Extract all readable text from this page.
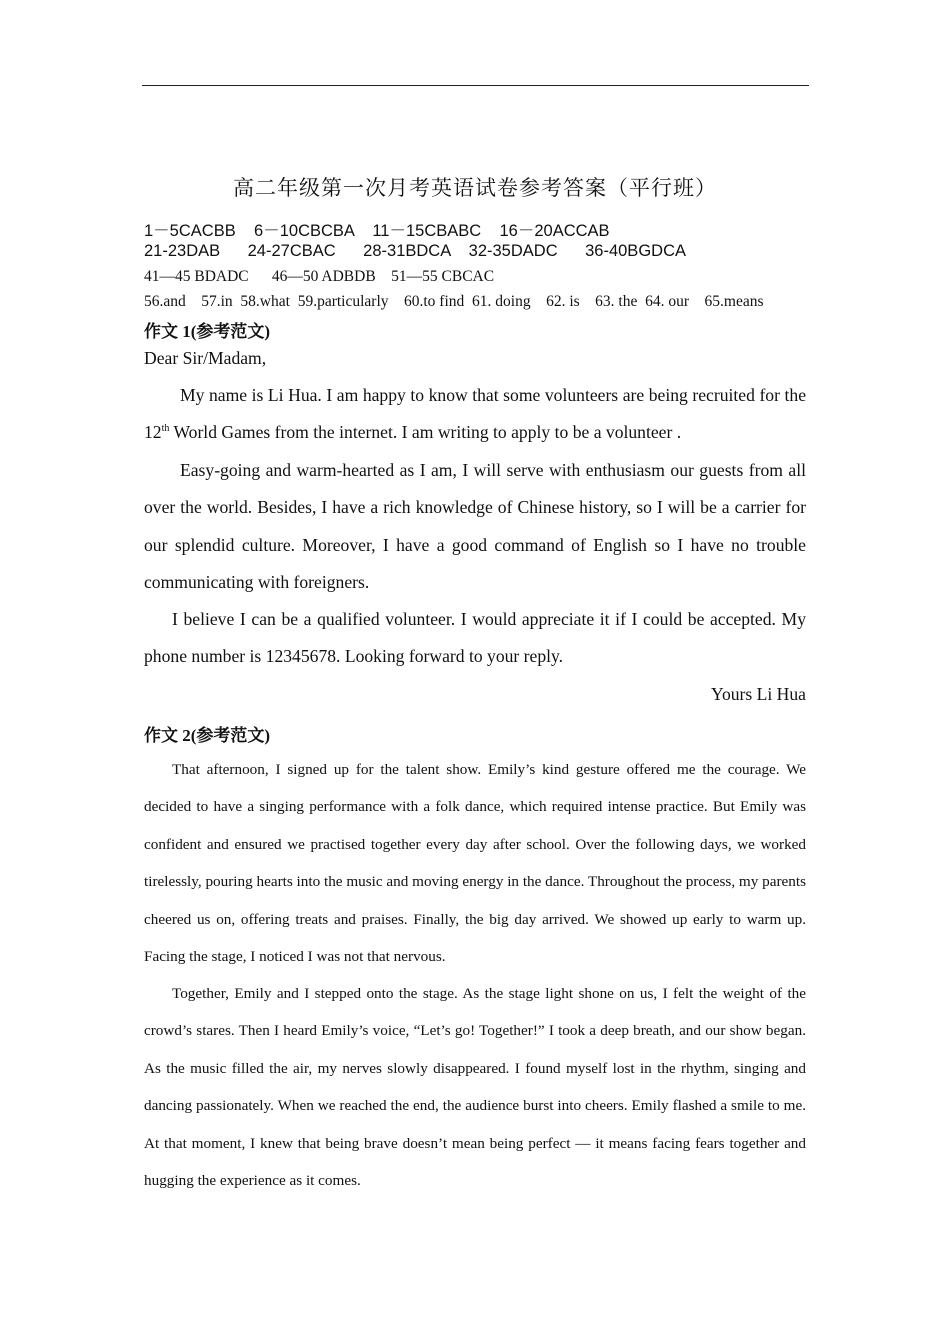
高二年级第一次月考英语试卷参考答案（平行班）
1－5CACBB    6－10CBCBA    11－15CBABC    16－20ACCAB
21-23DAB      24-27CBAC      28-31BDCA    32-35DADC      36-40BGDCA
41—45 BDADC      46—50 ADBDB    51—55 CBCAC
56.and    57.in  58.what  59.particularly    60.to find  61. doing    62. is    63. the  64. our    65.means
作文 1(参考范文)
Dear Sir/Madam,
My name is Li Hua. I am happy to know that some volunteers are being recruited for the 12th World Games from the internet. I am writing to apply to be a volunteer .
Easy-going and warm-hearted as I am, I will serve with enthusiasm our guests from all over the world. Besides, I have a rich knowledge of Chinese history, so I will be a carrier for our splendid culture. Moreover, I have a good command of English so I have no trouble communicating with foreigners.
I believe I can be a qualified volunteer. I would appreciate it if I could be accepted. My phone number is 12345678. Looking forward to your reply.
Yours Li Hua
作文 2(参考范文)
That afternoon, I signed up for the talent show. Emily’s kind gesture offered me the courage. We decided to have a singing performance with a folk dance, which required intense practice. But Emily was confident and ensured we practised together every day after school. Over the following days, we worked tirelessly, pouring hearts into the music and moving energy in the dance. Throughout the process, my parents cheered us on, offering treats and praises. Finally, the big day arrived. We showed up early to warm up. Facing the stage, I noticed I was not that nervous.
Together, Emily and I stepped onto the stage. As the stage light shone on us, I felt the weight of the crowd’s stares. Then I heard Emily’s voice, “Let’s go! Together!” I took a deep breath, and our show began. As the music filled the air, my nerves slowly disappeared. I found myself lost in the rhythm, singing and dancing passionately. When we reached the end, the audience burst into cheers. Emily flashed a smile to me. At that moment, I knew that being brave doesn’t mean being perfect — it means facing fears together and hugging the experience as it comes.
